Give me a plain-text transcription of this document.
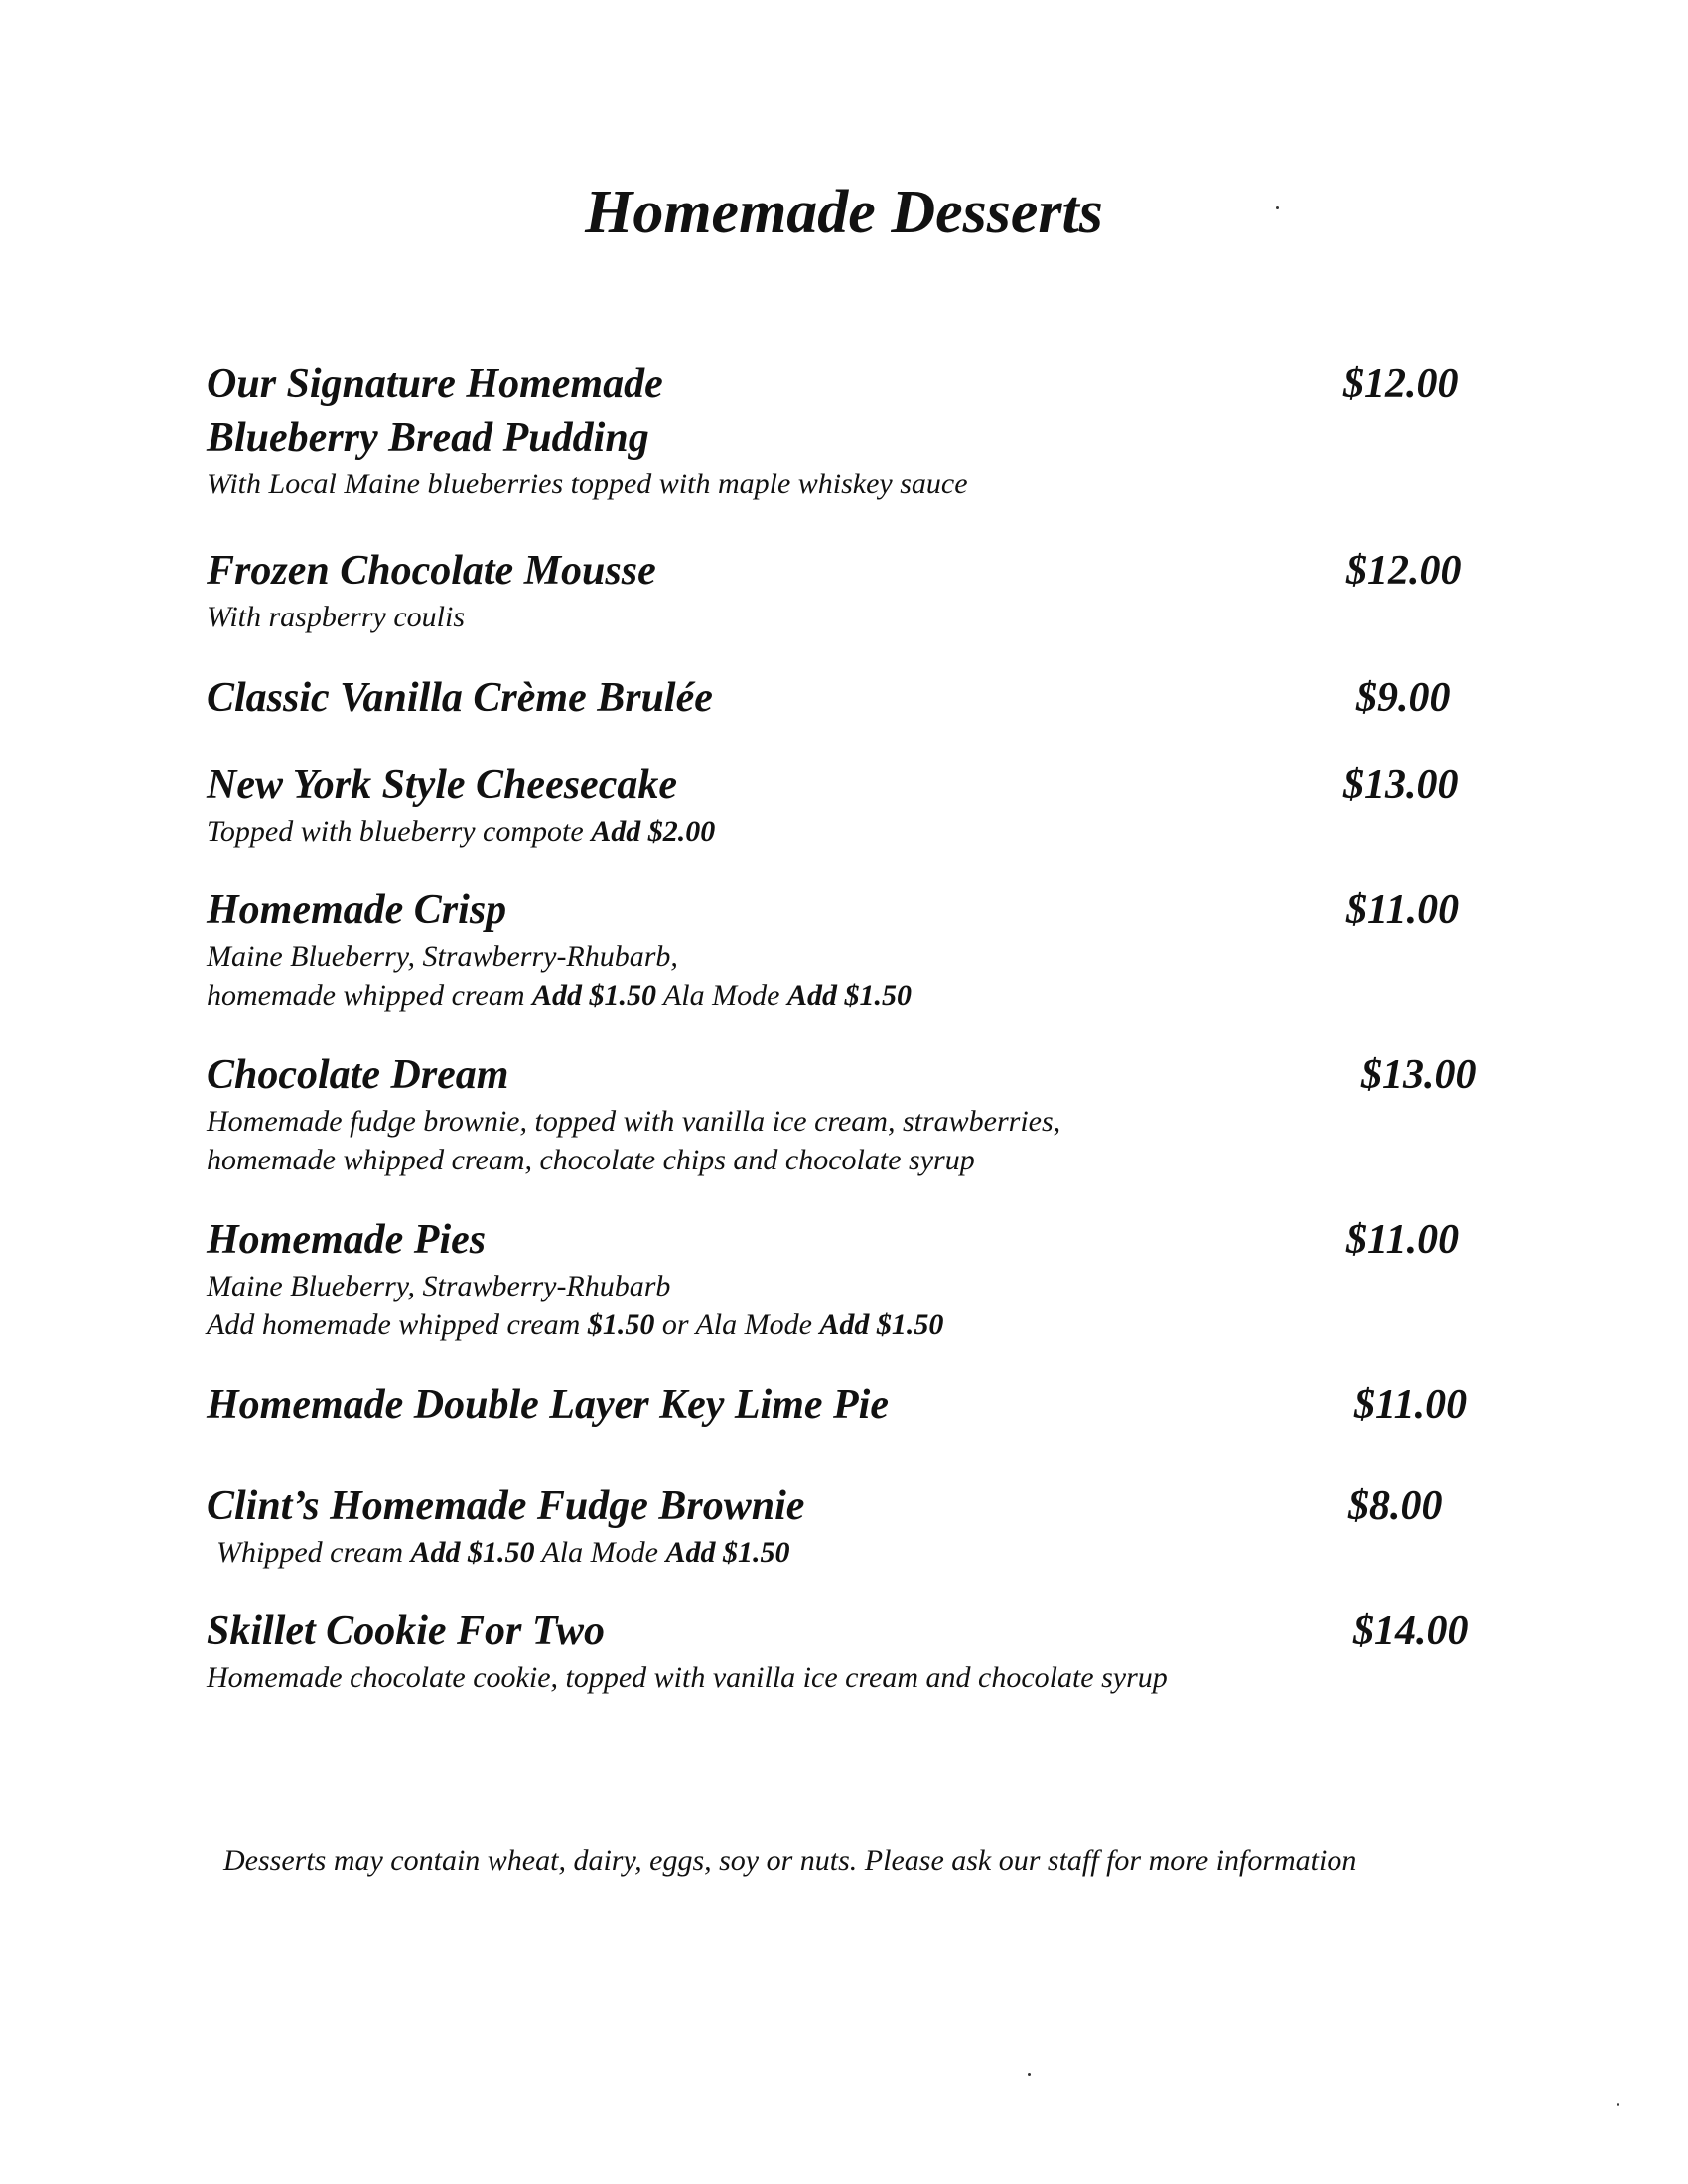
Homemade Desserts
Our Signature Homemade
Blueberry Bread Pudding
$12.00

With Local Maine blueberries topped with maple whiskey sauce

Frozen Chocolate Mousse	$12.00

With raspberry coulis

Classic Vanilla Crème Brulée	$9.00
New York Style Cheesecake	$13.00

Topped with blueberry compote Add $2.00

Homemade Crisp	$11.00

Maine Blueberry, Strawberry-Rhubarb,

homemade whipped cream Add $1.50 Ala Mode Add $1.50

Chocolate Dream	$13.00

Homemade fudge brownie, topped with vanilla ice cream, strawberries,

homemade whipped cream, chocolate chips and chocolate syrup

Homemade Pies	$11.00

Maine Blueberry, Strawberry-Rhubarb

Add homemade whipped cream $1.50 or Ala Mode Add $1.50

Homemade Double Layer Key Lime Pie	$11.00
Clint’s Homemade Fudge Brownie	$8.00

Whipped cream Add $1.50 Ala Mode Add $1.50

Skillet Cookie For Two	$14.00

Homemade chocolate cookie, topped with vanilla ice cream and chocolate syrup

Desserts may contain wheat, dairy, eggs, soy or nuts. Please ask our staff for more information
